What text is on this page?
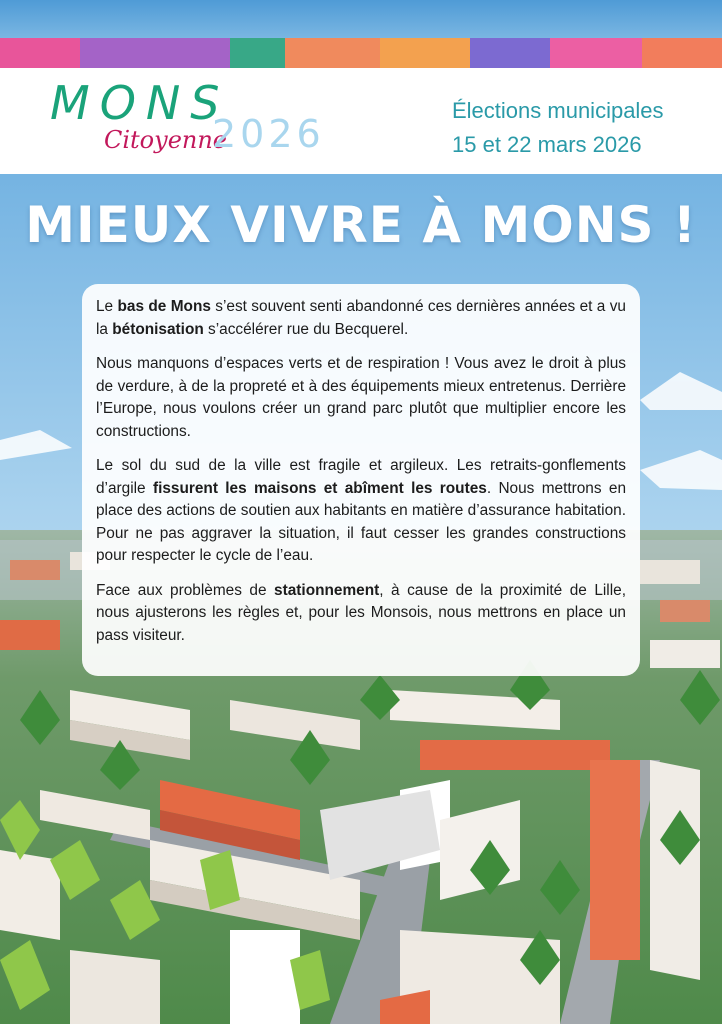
MONS
Citoyenne
2026
Élections municipales
15 et 22 mars 2026
MIEUX VIVRE À MONS !

Le bas de Mons s’est souvent senti abandonné ces dernières années et a vu la bétonisation s’accélérer rue du Becquerel.

Nous manquons d’espaces verts et de respiration ! Vous avez le droit à plus de verdure, à de la propreté et à des équipements mieux entretenus. Derrière l’Europe, nous voulons créer un grand parc plutôt que multiplier encore les constructions.

Le sol du sud de la ville est fragile et argileux. Les retraits-gonflements d’argile fissurent les maisons et abîment les routes. Nous mettrons en place des actions de soutien aux habitants en matière d’assurance habitation. Pour ne pas aggraver la situation, il faut cesser les grandes constructions pour respecter le cycle de l’eau.

Face aux problèmes de stationnement, à cause de la proximité de Lille, nous ajusterons les règles et, pour les Monsois, nous mettrons en place un pass visiteur.
